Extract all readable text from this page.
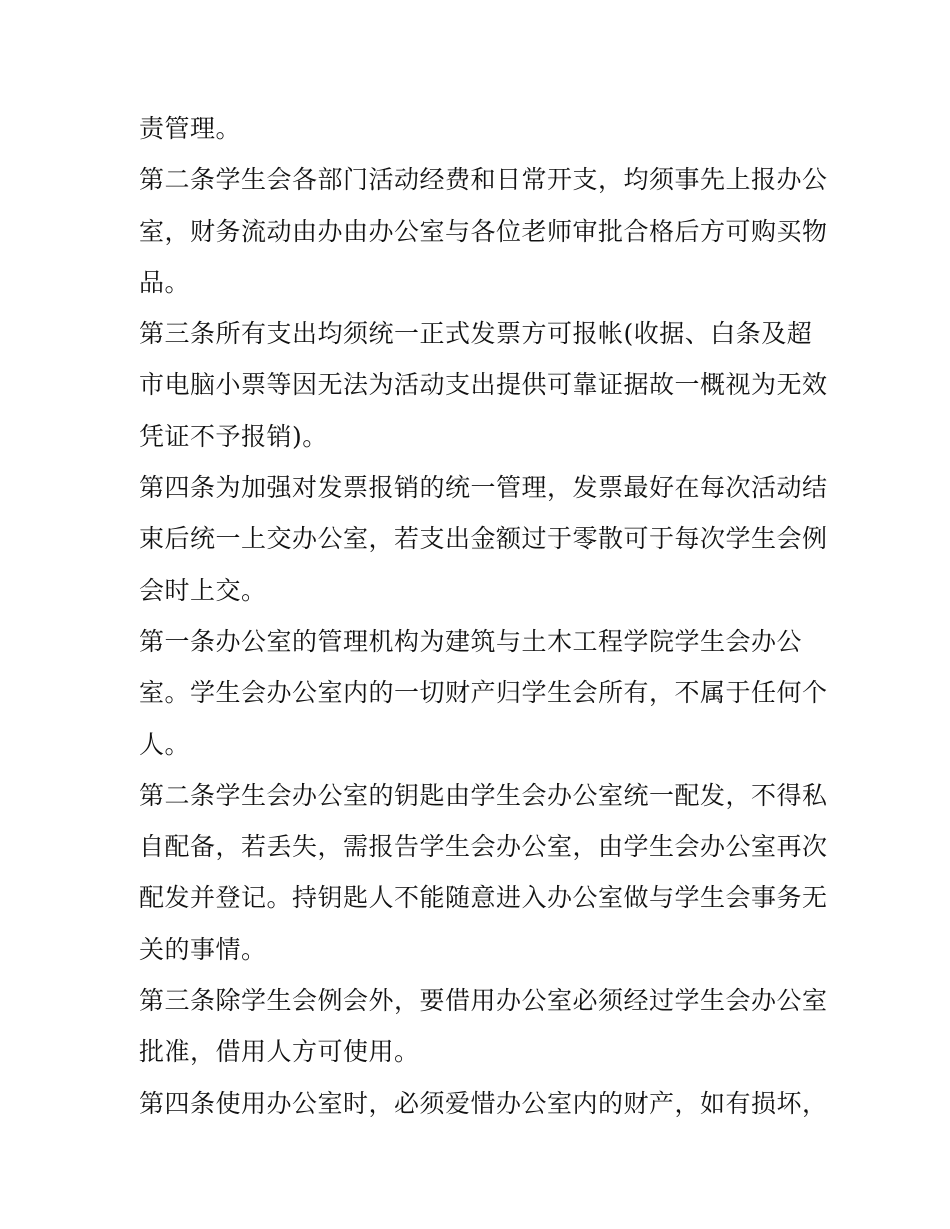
责管理。
第二条学生会各部门活动经费和日常开支，均须事先上报办公
室，财务流动由办由办公室与各位老师审批合格后方可购买物
品。
第三条所有支出均须统一正式发票方可报帐(收据、白条及超
市电脑小票等因无法为活动支出提供可靠证据故一概视为无效
凭证不予报销)。
第四条为加强对发票报销的统一管理，发票最好在每次活动结
束后统一上交办公室，若支出金额过于零散可于每次学生会例
会时上交。
第一条办公室的管理机构为建筑与土木工程学院学生会办公
室。学生会办公室内的一切财产归学生会所有，不属于任何个
人。
第二条学生会办公室的钥匙由学生会办公室统一配发，不得私
自配备，若丢失，需报告学生会办公室，由学生会办公室再次
配发并登记。持钥匙人不能随意进入办公室做与学生会事务无
关的事情。
第三条除学生会例会外，要借用办公室必须经过学生会办公室
批准，借用人方可使用。
第四条使用办公室时，必须爱惜办公室内的财产，如有损坏，
